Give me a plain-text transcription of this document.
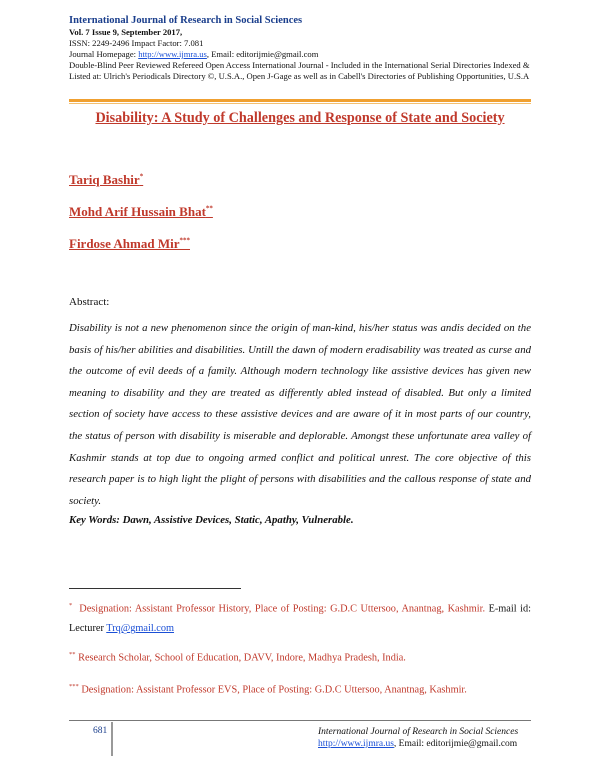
International Journal of Research in Social Sciences
Vol. 7 Issue 9, September 2017,
ISSN: 2249-2496 Impact Factor: 7.081
Journal Homepage: http://www.ijmra.us, Email: editorijmie@gmail.com
Double-Blind Peer Reviewed Refereed Open Access International Journal - Included in the International Serial Directories Indexed & Listed at: Ulrich's Periodicals Directory ©, U.S.A., Open J-Gage as well as in Cabell's Directories of Publishing Opportunities, U.S.A
Disability: A Study of Challenges and Response of State and Society
Tariq Bashir*
Mohd Arif Hussain Bhat**
Firdose Ahmad Mir***
Abstract:
Disability is not a new phenomenon since the origin of man-kind, his/her status was andis decided on the basis of his/her abilities and disabilities. Untill the dawn of modern eradisability was treated as curse and the outcome of evil deeds of a family. Although modern technology like assistive devices has given new meaning to disability and they are treated as differently abled instead of disabled. But only a limited section of society have access to these assistive devices and are aware of it in most parts of our country, the status of person with disability is miserable and deplorable. Amongst these unfortunate area valley of Kashmir stands at top due to ongoing armed conflict and political unrest. The core objective of this research paper is to high light the plight of persons with disabilities and the callous response of state and society.
Key Words: Dawn, Assistive Devices, Static, Apathy, Vulnerable.
* Designation: Assistant Professor History, Place of Posting: G.D.C Uttersoo, Anantnag, Kashmir. E-mail id: Lecturer Trq@gmail.com
** Research Scholar, School of Education, DAVV, Indore, Madhya Pradesh, India.
*** Designation: Assistant Professor EVS, Place of Posting: G.D.C Uttersoo, Anantnag, Kashmir.
681	International Journal of Research in Social Sciences
http://www.ijmra.us, Email: editorijmie@gmail.com
